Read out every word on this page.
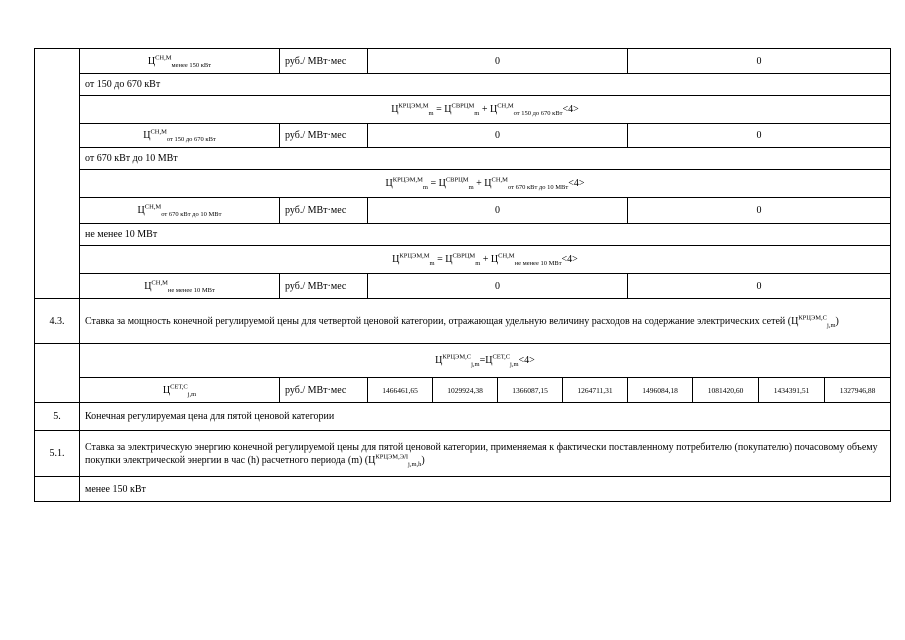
	$Ц^{СН,М}_{менее 150 кВт}$	руб./ МВт·мес	0				0			
	от 150 до 670 кВт									
	$Ц^{КРЦЭМ,М}_m = Ц^{СВРЦМ}_m + Ц^{СН,М}_{от 150 до 670 кВт}<4>$									
	$Ц^{СН,М}_{от 150 до 670 кВт}$	руб./ МВт·мес	0				0			
	от 670 кВт до 10 МВт									
	$Ц^{КРЦЭМ,М}_m = Ц^{СВРЦМ}_m + Ц^{СН,М}_{от 670 кВт до 10 МВт}<4>$									
	$Ц^{СН,М}_{от 670 кВт до 10 МВт}$	руб./ МВт·мес	0				0			
	не менее 10 МВт									
	$Ц^{КРЦЭМ,М}_m = Ц^{СВРЦМ}_m + Ц^{СН,М}_{не менее 10 МВт}<4>$									
	$Ц^{СН,М}_{не менее 10 МВт}$	руб./ МВт·мес	0				0			
4.3.	Ставка за мощность конечной регулируемой цены для четвертой ценовой категории, отражающая удельную величину расходов на содержание электрических сетей $(Ц^{КРЦЭМ,С}_{j,m})$									
	$Ц^{КРЦЭМ,С}_{j,m}=Ц^{СЕТ,С}_{j,m}<4>$									
	$Ц^{СЕТ,С}_{j,m}$	руб./ МВт·мес	1466461,65	1029924,38	1366087,15	1264711,31	1496084,18	1081420,60	1434391,51	1327946,88
5.	Конечная регулируемая цена для пятой ценовой категории									
5.1.	Ставка за электрическую энергию конечной регулируемой цены для пятой ценовой категории, применяемая к фактически поставленному потребителю (покупателю) почасовому объему покупки электрической энергии в час (h) расчетного периода (m) $(Ц^{КРЦЭМ,ЭЛ}_{j,m,h})$									
	менее 150 кВт									
